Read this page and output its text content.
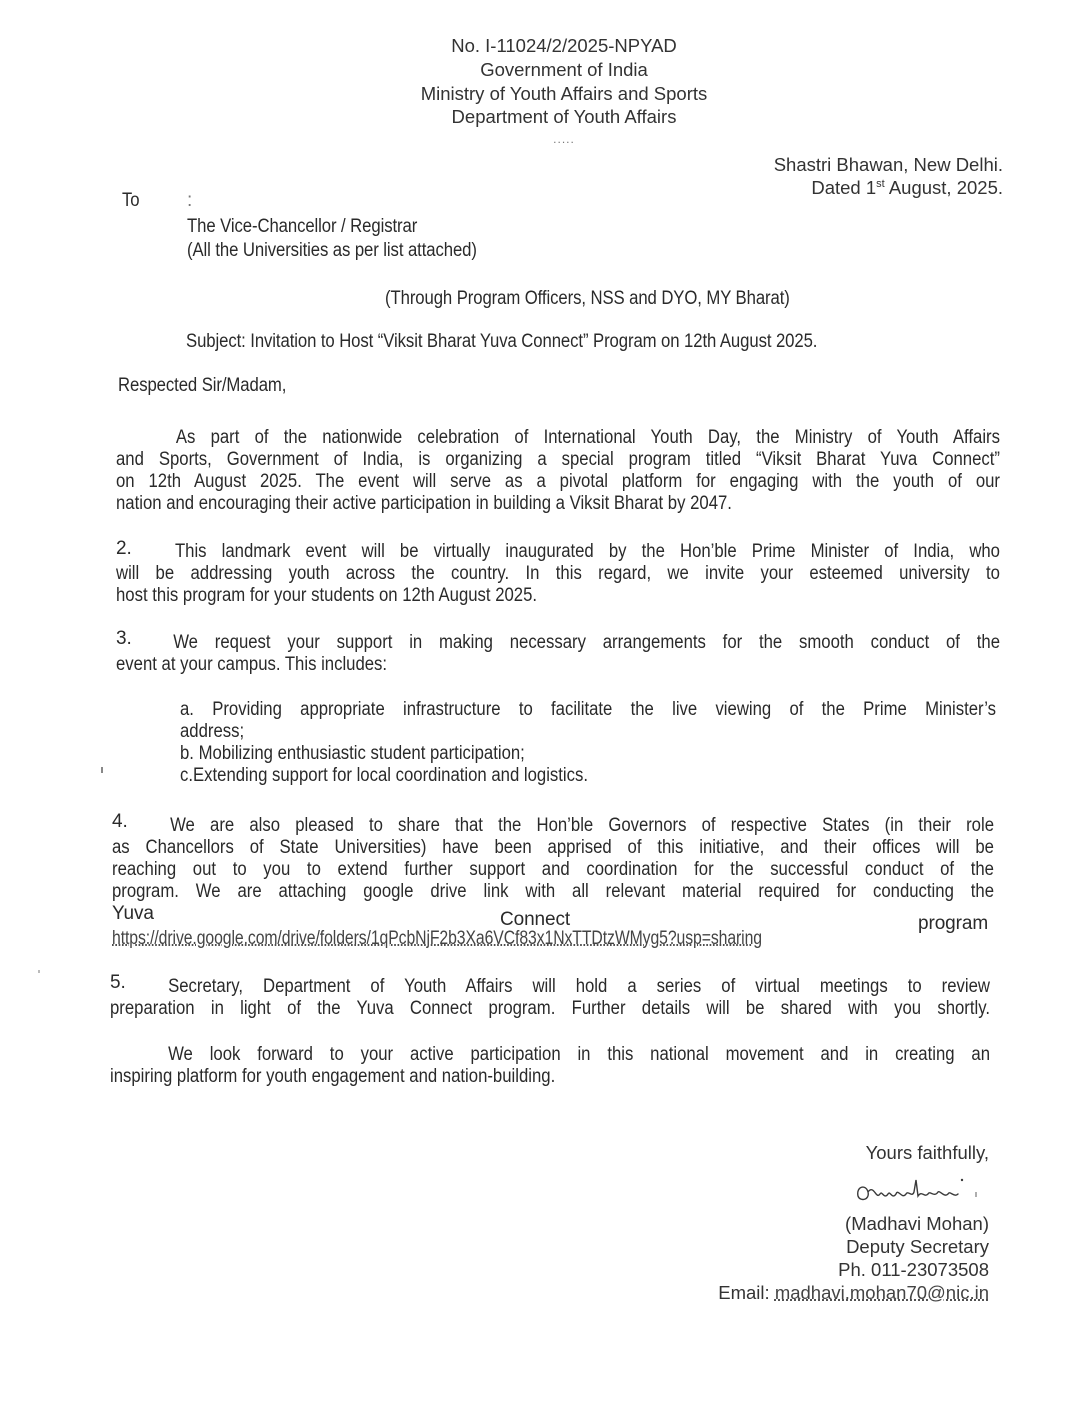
No. I-11024/2/2025-NPYAD
Government of India
Ministry of Youth Affairs and Sports
Department of Youth Affairs
.....
Shastri Bhawan, New Delhi.
Dated 1st August, 2025.
To	:
The Vice-Chancellor / Registrar
(All the Universities as per list attached)
(Through Program Officers, NSS and DYO, MY Bharat)
Subject: Invitation to Host “Viksit Bharat Yuva Connect” Program on 12th August 2025.
Respected Sir/Madam,
As part of the nationwide celebration of International Youth Day, the Ministry of Youth Affairs
and Sports, Government of India, is organizing a special program titled “Viksit Bharat Yuva Connect”
on 12th August 2025. The event will serve as a pivotal platform for engaging with the youth of our
nation and encouraging their active participation in building a Viksit Bharat by 2047.
2.	This landmark event will be virtually inaugurated by the Hon’ble Prime Minister of India, who
will be addressing youth across the country. In this regard, we invite your esteemed university to
host this program for your students on 12th August 2025.
3.	We request your support in making necessary arrangements for the smooth conduct of the
event at your campus. This includes:
a. Providing appropriate infrastructure to facilitate the live viewing of the Prime Minister’s
address;
b. Mobilizing enthusiastic student participation;
c.Extending support for local coordination and logistics.
4.	We are also pleased to share that the Hon’ble Governors of respective States (in their role
as Chancellors of State Universities) have been apprised of this initiative, and their offices will be
reaching out to you to extend further support and coordination for the successful conduct of the
program. We are attaching google drive link with all relevant material required for conducting the
Yuva	Connect	program
https://drive.google.com/drive/folders/1qPcbNjF2b3Xa6VCf83x1NxTTDtzWMyg5?usp=sharing
5.	Secretary, Department of Youth Affairs will hold a series of virtual meetings to review
preparation in light of the Yuva Connect program. Further details will be shared with you shortly.
We look forward to your active participation in this national movement and in creating an
inspiring platform for youth engagement and nation-building.
Yours faithfully,
(Madhavi Mohan)
Deputy Secretary
Ph. 011-23073508
Email: madhavi.mohan70@nic.in
